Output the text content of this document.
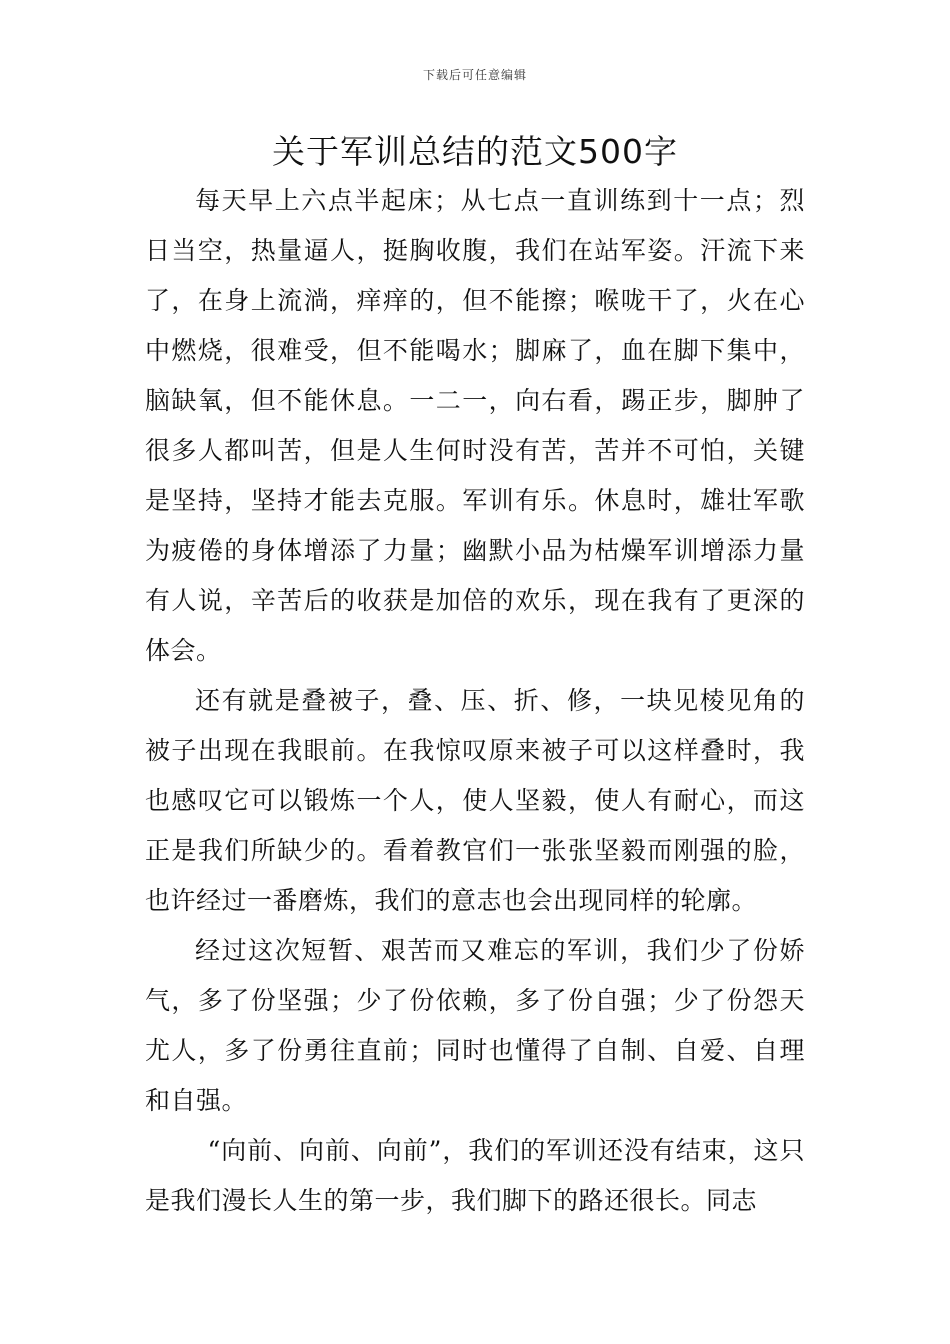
下载后可任意编辑
关于军训总结的范文500字

每天早上六点半起床；从七点一直训练到十一点；烈日当空，热量逼人，挺胸收腹，我们在站军姿。汗流下来了，在身上流淌，痒痒的，但不能擦；喉咙干了，火在心中燃烧，很难受，但不能喝水；脚麻了，血在脚下集中，脑缺氧，但不能休息。一二一，向右看，踢正步，脚肿了很多人都叫苦，但是人生何时没有苦，苦并不可怕，关键是坚持，坚持才能去克服。军训有乐。休息时，雄壮军歌为疲倦的身体增添了力量；幽默小品为枯燥军训增添力量有人说，辛苦后的收获是加倍的欢乐，现在我有了更深的体会。

还有就是叠被子，叠、压、折、修，一块见棱见角的被子出现在我眼前。在我惊叹原来被子可以这样叠时，我也感叹它可以锻炼一个人，使人坚毅，使人有耐心，而这正是我们所缺少的。看着教官们一张张坚毅而刚强的脸，也许经过一番磨炼，我们的意志也会出现同样的轮廓。

经过这次短暂、艰苦而又难忘的军训，我们少了份娇气，多了份坚强；少了份依赖，多了份自强；少了份怨天尤人，多了份勇往直前；同时也懂得了自制、自爱、自理和自强。

“向前、向前、向前”，我们的军训还没有结束，这只是我们漫长人生的第一步，我们脚下的路还很长。同志
